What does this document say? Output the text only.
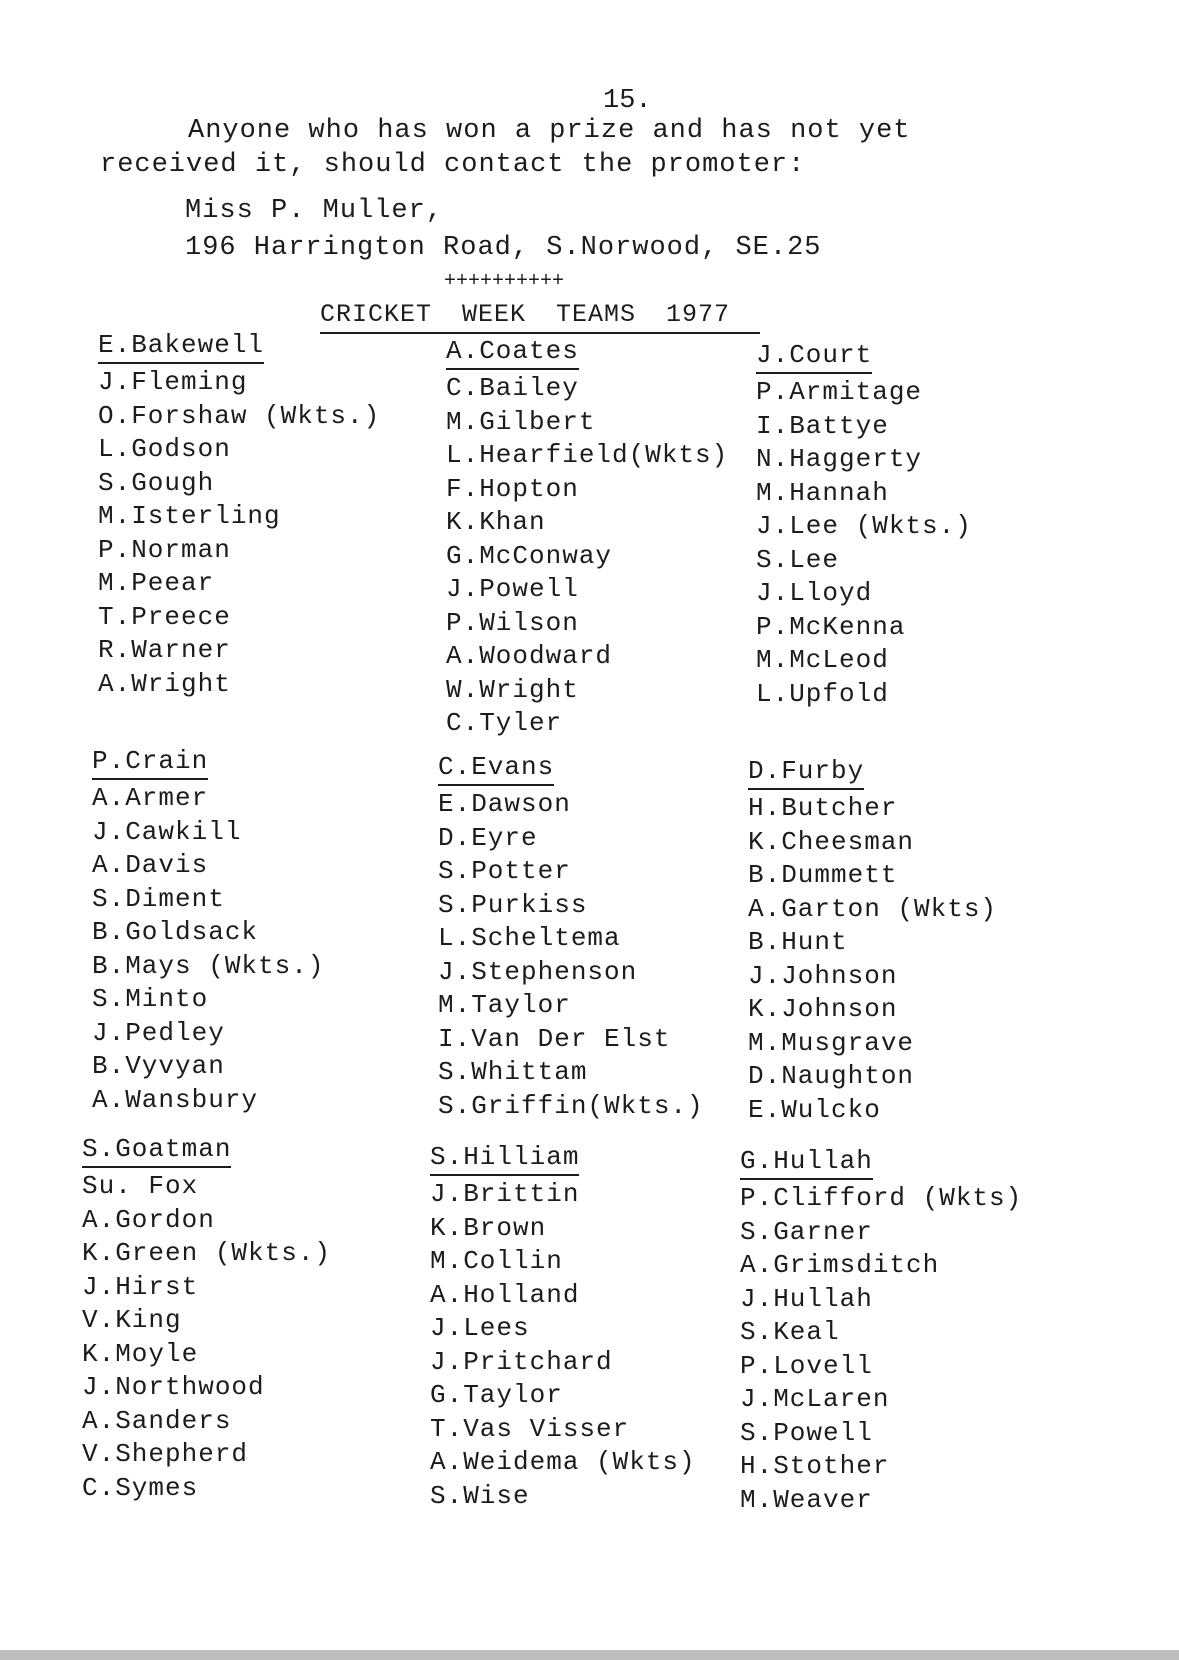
15.
Anyone who has won a prize and has not yet
received it, should contact the promoter:
Miss P. Muller,
196 Harrington Road, S.Norwood, SE.25
++++++++++
CRICKET WEEK TEAMS 1977
E.Bakewell
J.Fleming
O.Forshaw (Wkts.)
L.Godson
S.Gough
M.Isterling
P.Norman
M.Peear
T.Preece
R.Warner
A.Wright
A.Coates
C.Bailey
M.Gilbert
L.Hearfield(Wkts)
F.Hopton
K.Khan
G.McConway
J.Powell
P.Wilson
A.Woodward
W.Wright
C.Tyler
J.Court
P.Armitage
I.Battye
N.Haggerty
M.Hannah
J.Lee (Wkts.)
S.Lee
J.Lloyd
P.McKenna
M.McLeod
L.Upfold
P.Crain
A.Armer
J.Cawkill
A.Davis
S.Diment
B.Goldsack
B.Mays (Wkts.)
S.Minto
J.Pedley
B.Vyvyan
A.Wansbury
C.Evans
E.Dawson
D.Eyre
S.Potter
S.Purkiss
L.Scheltema
J.Stephenson
M.Taylor
I.Van Der Elst
S.Whittam
S.Griffin(Wkts.)
D.Furby
H.Butcher
K.Cheesman
B.Dummett
A.Garton (Wkts)
B.Hunt
J.Johnson
K.Johnson
M.Musgrave
D.Naughton
E.Wulcko
S.Goatman
Su. Fox
A.Gordon
K.Green (Wkts.)
J.Hirst
V.King
K.Moyle
J.Northwood
A.Sanders
V.Shepherd
C.Symes
S.Hilliam
J.Brittin
K.Brown
M.Collin
A.Holland
J.Lees
J.Pritchard
G.Taylor
T.Vas Visser
A.Weidema (Wkts)
S.Wise
G.Hullah
P.Clifford (Wkts)
S.Garner
A.Grimsditch
J.Hullah
S.Keal
P.Lovell
J.McLaren
S.Powell
H.Stother
M.Weaver
